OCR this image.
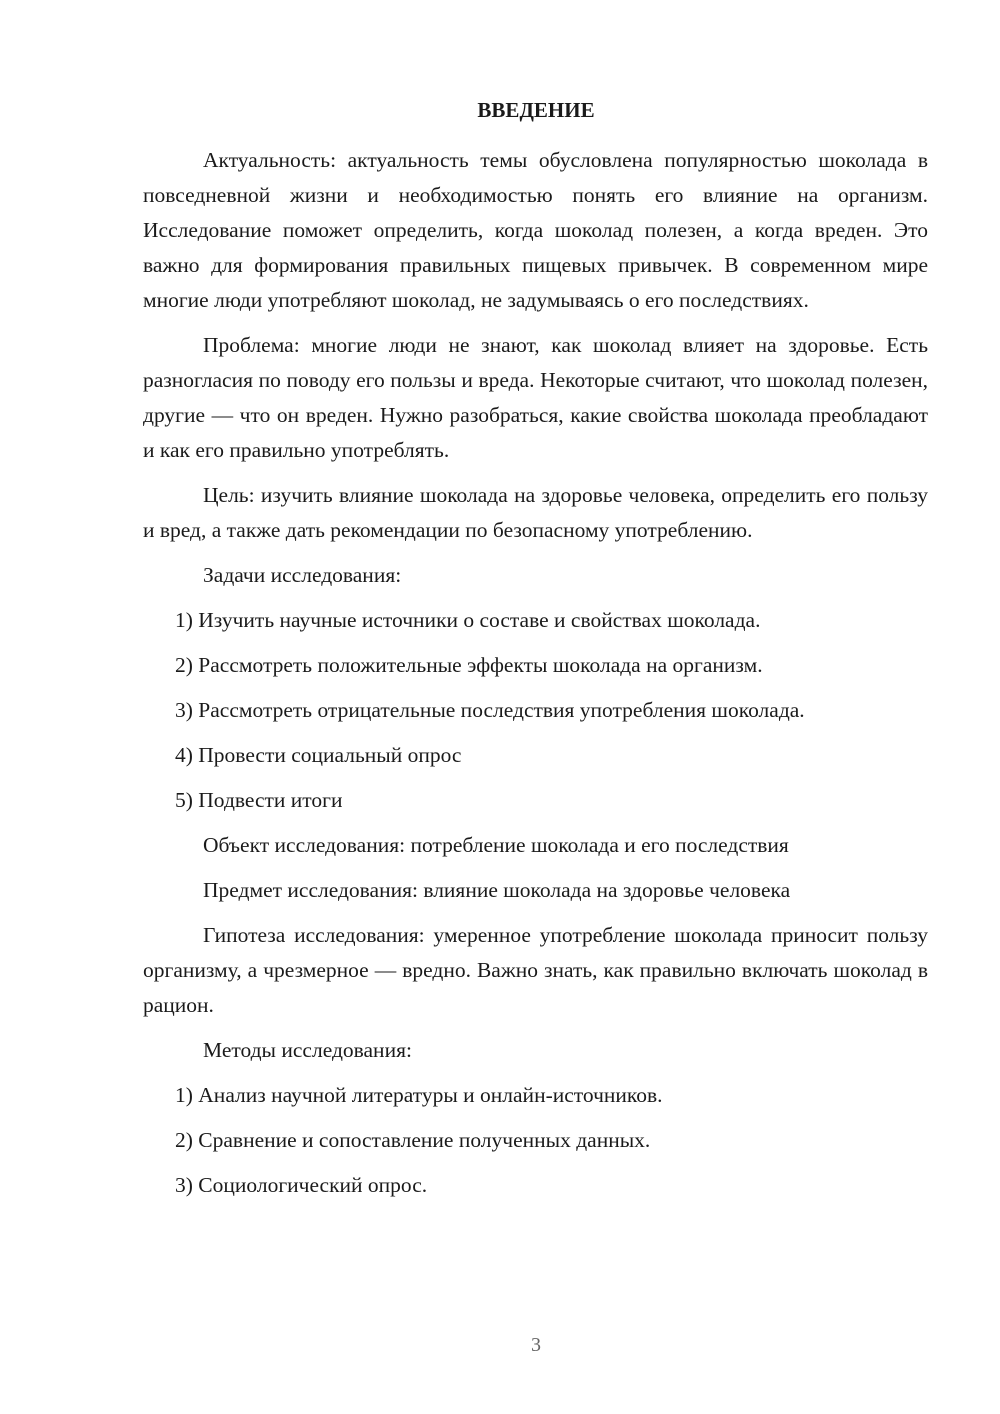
ВВЕДЕНИЕ

Актуальность: актуальность темы обусловлена популярностью шоколада в повседневной жизни и необходимостью понять его влияние на организм. Исследование поможет определить, когда шоколад полезен, а когда вреден. Это важно для формирования правильных пищевых привычек. В современном мире многие люди употребляют шоколад, не задумываясь о его последствиях.

Проблема: многие люди не знают, как шоколад влияет на здоровье. Есть разногласия по поводу его пользы и вреда. Некоторые считают, что шоколад полезен, другие — что он вреден. Нужно разобраться, какие свойства шоколада преобладают и как его правильно употреблять.

Цель: изучить влияние шоколада на здоровье человека, определить его пользу и вред, а также дать рекомендации по безопасному употреблению.

Задачи исследования:

1) Изучить научные источники о составе и свойствах шоколада.
2) Рассмотреть положительные эффекты шоколада на организм.
3) Рассмотреть отрицательные последствия употребления шоколада.
4) Провести социальный опрос
5) Подвести итоги

Объект исследования: потребление шоколада и его последствия

Предмет исследования: влияние шоколада на здоровье человека

Гипотеза исследования: умеренное употребление шоколада приносит пользу организму, а чрезмерное — вредно. Важно знать, как правильно включать шоколад в рацион.

Методы исследования:

1) Анализ научной литературы и онлайн-источников.
2) Сравнение и сопоставление полученных данных.
3) Социологический опрос.
3
